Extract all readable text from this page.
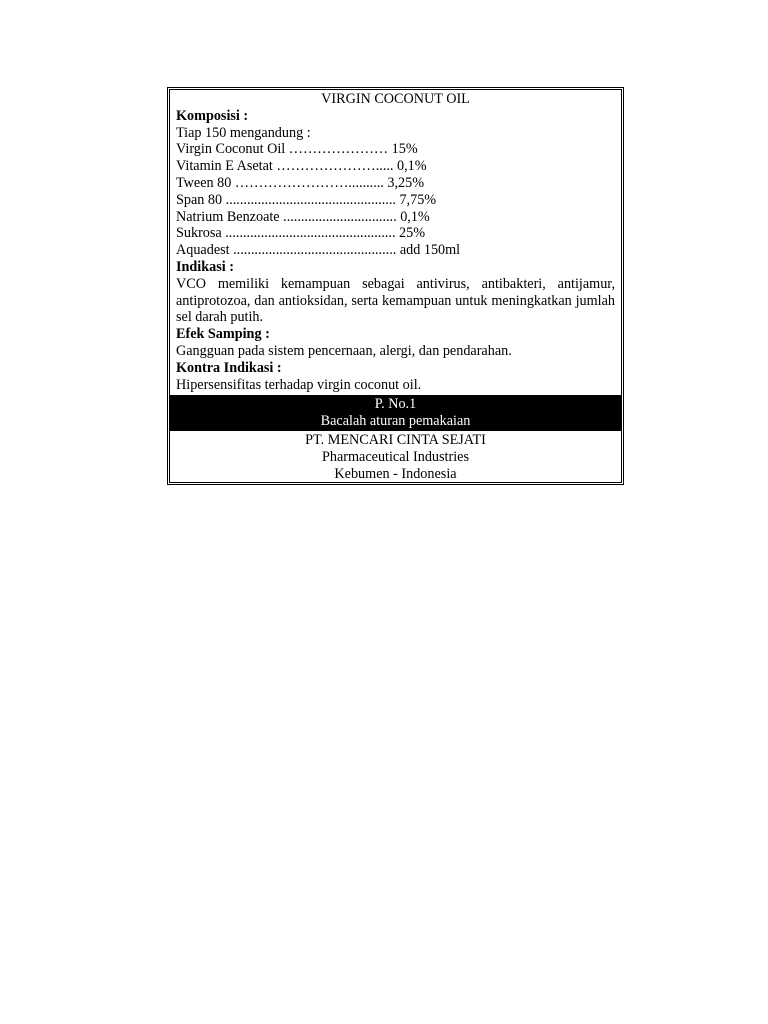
VIRGIN COCONUT OIL
Komposisi :
Tiap 150 mengandung :
Virgin Coconut Oil ………………… 15%
Vitamin E Asetat …………………..... 0,1%
Tween 80 …………………….......... 3,25%
Span 80 ................................................ 7,75%
Natrium Benzoate ................................ 0,1%
Sukrosa ................................................ 25%
Aquadest .............................................. add 150ml
Indikasi :
VCO memiliki kemampuan sebagai antivirus, antibakteri, antijamur, antiprotozoa, dan antioksidan, serta kemampuan untuk meningkatkan jumlah sel darah putih.
Efek Samping :
Gangguan pada sistem pencernaan, alergi, dan pendarahan.
Kontra Indikasi :
Hipersensifitas terhadap virgin coconut oil.
P. No.1
Bacalah aturan pemakaian
PT. MENCARI CINTA SEJATI
Pharmaceutical Industries
Kebumen - Indonesia
